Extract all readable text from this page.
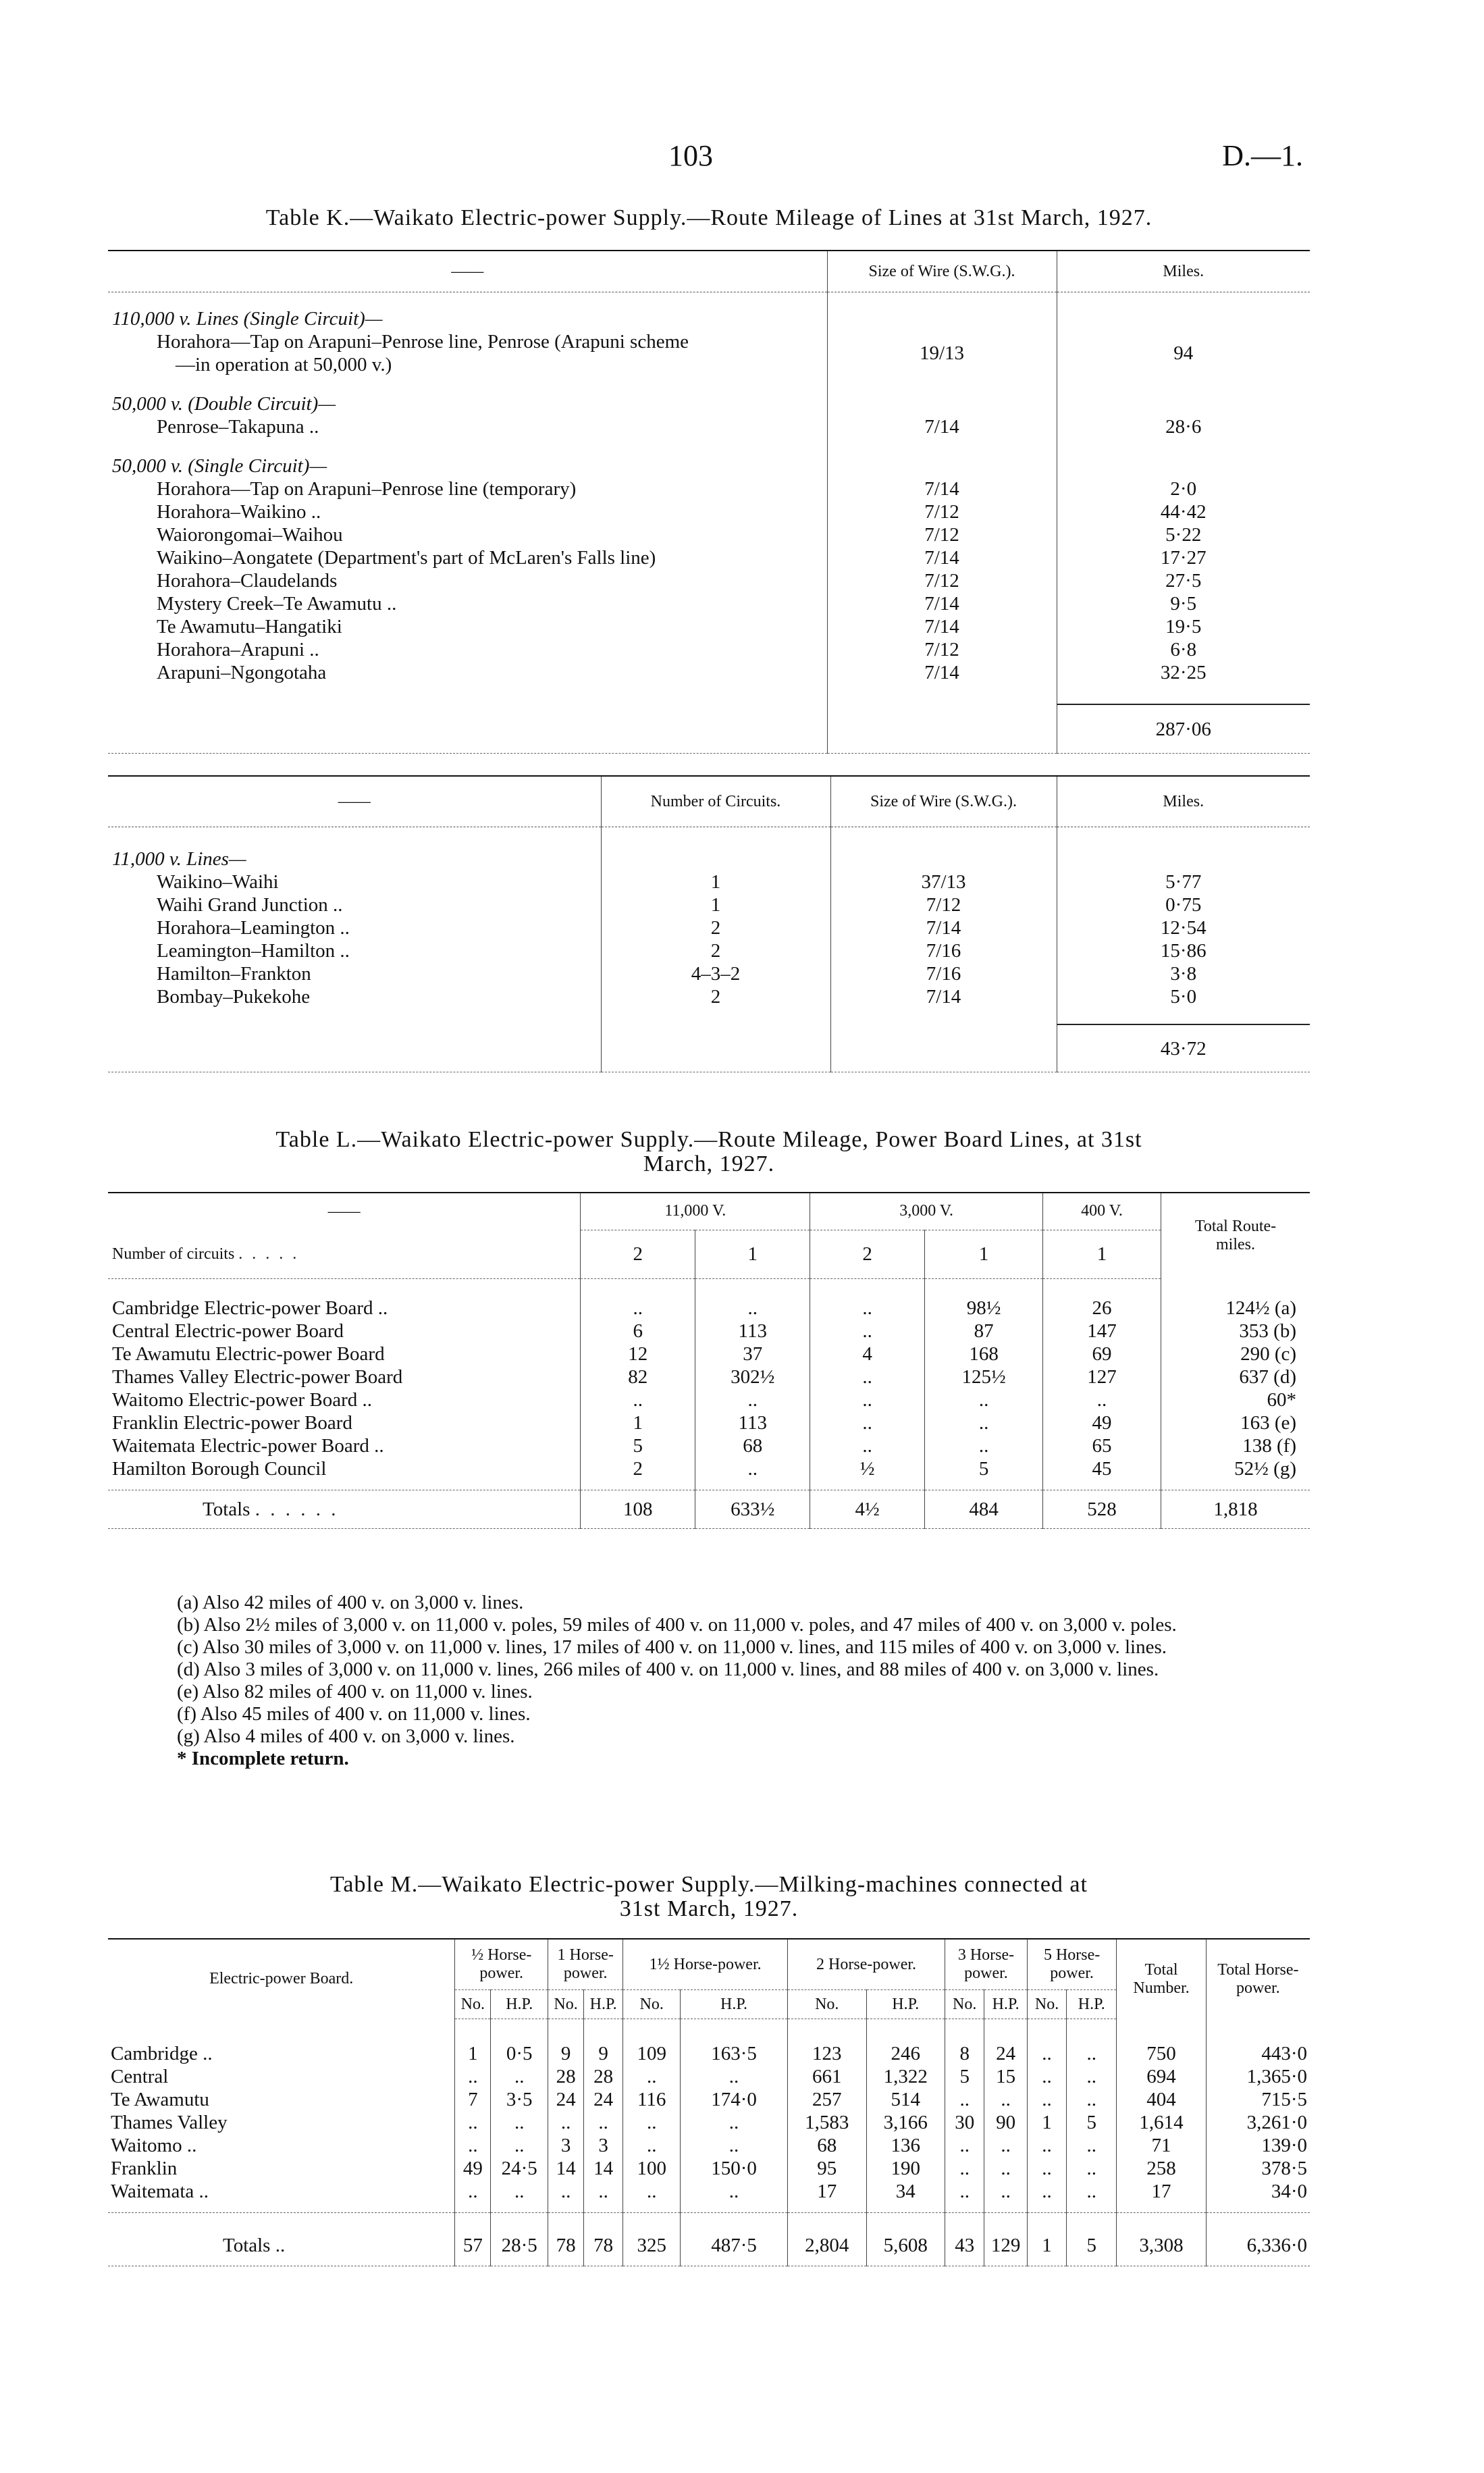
103	D.—1.
Table K.—Waikato Electric-power Supply.—Route Mileage of Lines at 31st March, 1927.
——	Size of Wire (S.W.G.).	Miles.

110,000 v. Lines (Single Circuit)—		
Horahora—Tap on Arapuni–Penrose line, Penrose (Arapuni scheme	19/13	94
—in operation at 50,000 v.)		

50,000 v. (Double Circuit)—		
Penrose–Takapuna ..	7/14	28·6

50,000 v. (Single Circuit)—		
Horahora—Tap on Arapuni–Penrose line (temporary)	7/14	2·0
Horahora–Waikino ..	7/12	44·42
Waiorongomai–Waihou	7/12	5·22
Waikino–Aongatete (Department's part of McLaren's Falls line)	7/14	17·27
Horahora–Claudelands	7/12	27·5
Mystery Creek–Te Awamutu ..	7/14	9·5
Te Awamutu–Hangatiki	7/14	19·5
Horahora–Arapuni ..	7/12	6·8
Arapuni–Ngongotaha	7/14	32·25

		287·06
——	Number of Circuits.	Size of Wire (S.W.G.).	Miles.

11,000 v. Lines—			
Waikino–Waihi	1	37/13	5·77
Waihi Grand Junction ..	1	7/12	0·75
Horahora–Leamington ..	2	7/14	12·54
Leamington–Hamilton ..	2	7/16	15·86
Hamilton–Frankton	4–3–2	7/16	3·8
Bombay–Pukekohe	2	7/14	5·0

			43·72
Table L.—Waikato Electric-power Supply.—Route Mileage, Power Board Lines, at 31st
March, 1927.
——	11,000 V.		3,000 V.		400 V.	Total Route-miles.
Number of circuits . . . . .	2	1	2	1	1	

Cambridge Electric-power Board ..	..	..	..	98½	26	124½ (a)
Central Electric-power Board	6	113	..	87	147	353 (b)
Te Awamutu Electric-power Board	12	37	4	168	69	290 (c)
Thames Valley Electric-power Board	82	302½	..	125½	127	637 (d)
Waitomo Electric-power Board ..	..	..	..	..	..	60*
Franklin Electric-power Board	1	113	..	..	49	163 (e)
Waitemata Electric-power Board ..	5	68	..	..	65	138 (f)
Hamilton Borough Council	2	..	½	5	45	52½ (g)

Totals . . . . . .	108	633½	4½	484	528	1,818

(a) Also 42 miles of 400 v. on 3,000 v. lines.

(b) Also 2½ miles of 3,000 v. on 11,000 v. poles, 59 miles of 400 v. on 11,000 v. poles, and 47 miles of 400 v. on 3,000 v. poles.

(c) Also 30 miles of 3,000 v. on 11,000 v. lines, 17 miles of 400 v. on 11,000 v. lines, and 115 miles of 400 v. on 3,000 v. lines.

(d) Also 3 miles of 3,000 v. on 11,000 v. lines, 266 miles of 400 v. on 11,000 v. lines, and 88 miles of 400 v. on 3,000 v. lines.

(e) Also 82 miles of 400 v. on 11,000 v. lines.

(f) Also 45 miles of 400 v. on 11,000 v. lines.

(g) Also 4 miles of 400 v. on 3,000 v. lines.

* Incomplete return.

Table M.—Waikato Electric-power Supply.—Milking-machines connected at
31st March, 1927.
Electric-power Board.	½ Horse-power.		1 Horse-power.		1½ Horse-power.		2 Horse-power.		3 Horse-power.		5 Horse-power.		Total Number.	Total Horse-power.
	No.	H.P.	No.	H.P.	No.	H.P.	No.	H.P.	No.	H.P.	No.	H.P.		

Cambridge ..	1	0·5	9	9	109	163·5	123	246	8	24	..	..	750	443·0
Central	..	..	28	28	..	..	661	1,322	5	15	..	..	694	1,365·0
Te Awamutu	7	3·5	24	24	116	174·0	257	514	..	..	..	..	404	715·5
Thames Valley	..	..	..	..	..	..	1,583	3,166	30	90	1	5	1,614	3,261·0
Waitomo ..	..	..	3	3	..	..	68	136	..	..	..	..	71	139·0
Franklin	49	24·5	14	14	100	150·0	95	190	..	..	..	..	258	378·5
Waitemata ..	..	..	..	..	..	..	17	34	..	..	..	..	17	34·0

Totals ..	57	28·5	78	78	325	487·5	2,804	5,608	43	129	1	5	3,308	6,336·0
